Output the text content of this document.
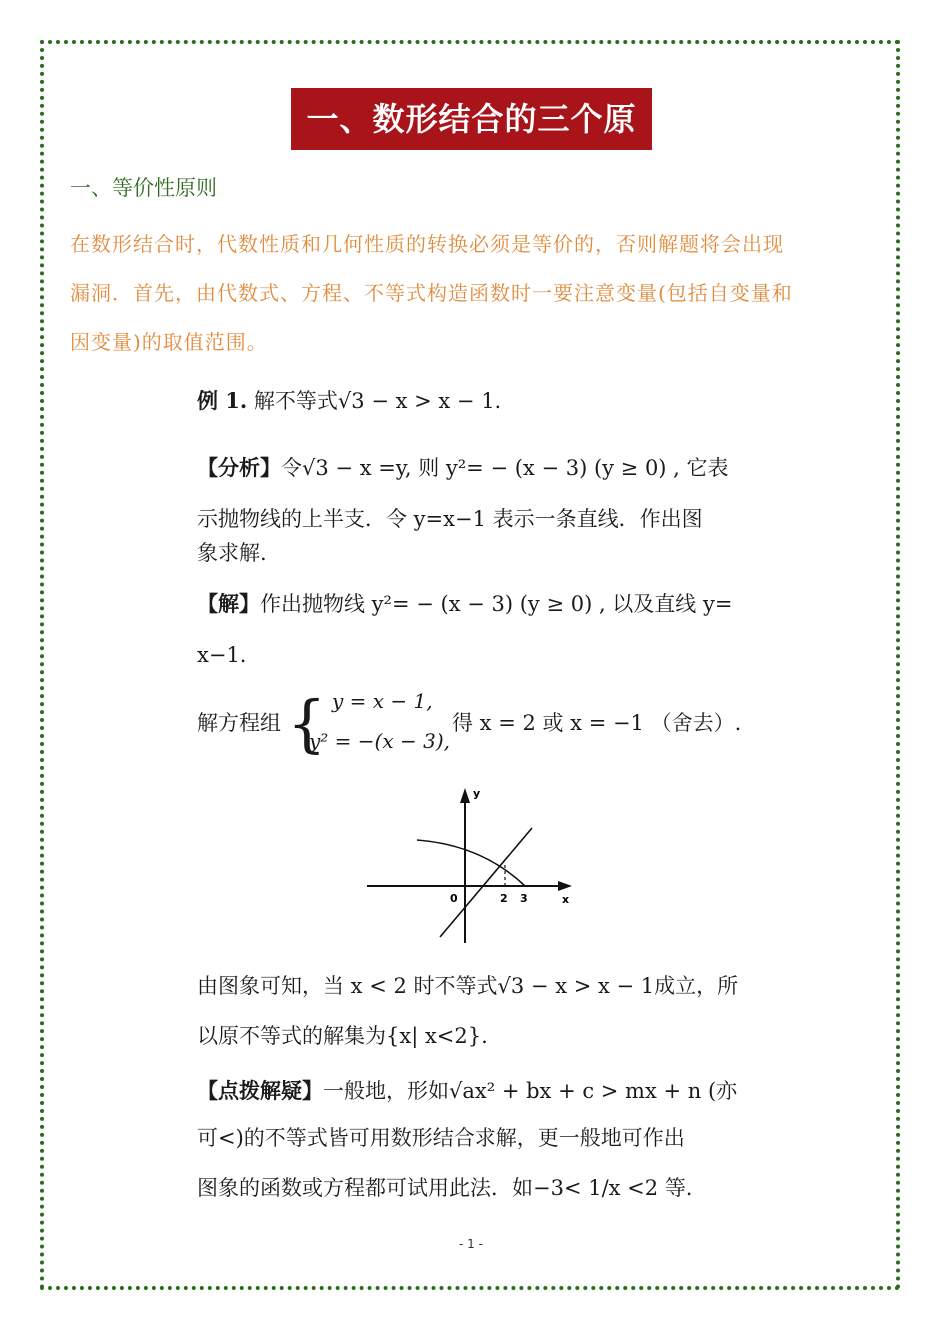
一、数形结合的三个原则
一、等价性原则
在数形结合时，代数性质和几何性质的转换必须是等价的，否则解题将会出现
漏洞．首先，由代数式、方程、不等式构造函数时一要注意变量(包括自变量和
因变量)的取值范围。
例 1. 解不等式√3 − x > x − 1.
【分析】令√3 − x =y, 则 y²= − (x − 3) (y ≥ 0) , 它表
示抛物线的上半支．令 y=x−1 表示一条直线．作出图
象求解.
【解】作出抛物线 y²= − (x − 3) (y ≥ 0) , 以及直线 y=
x−1.
解方程组 { y = x − 1,
y² = −(x − 3),
得 x = 2 或 x = −1 （舍去）.
y
x
0	2 3
由图象可知，当 x < 2 时不等式√3 − x > x − 1成立，所
以原不等式的解集为{x| x<2}.
【点拨解疑】一般地，形如√ax² + bx + c > mx + n (亦
可<)的不等式皆可用数形结合求解，更一般地可作出
图象的函数或方程都可试用此法．如−3< 1/x <2 等.
- 1 -
